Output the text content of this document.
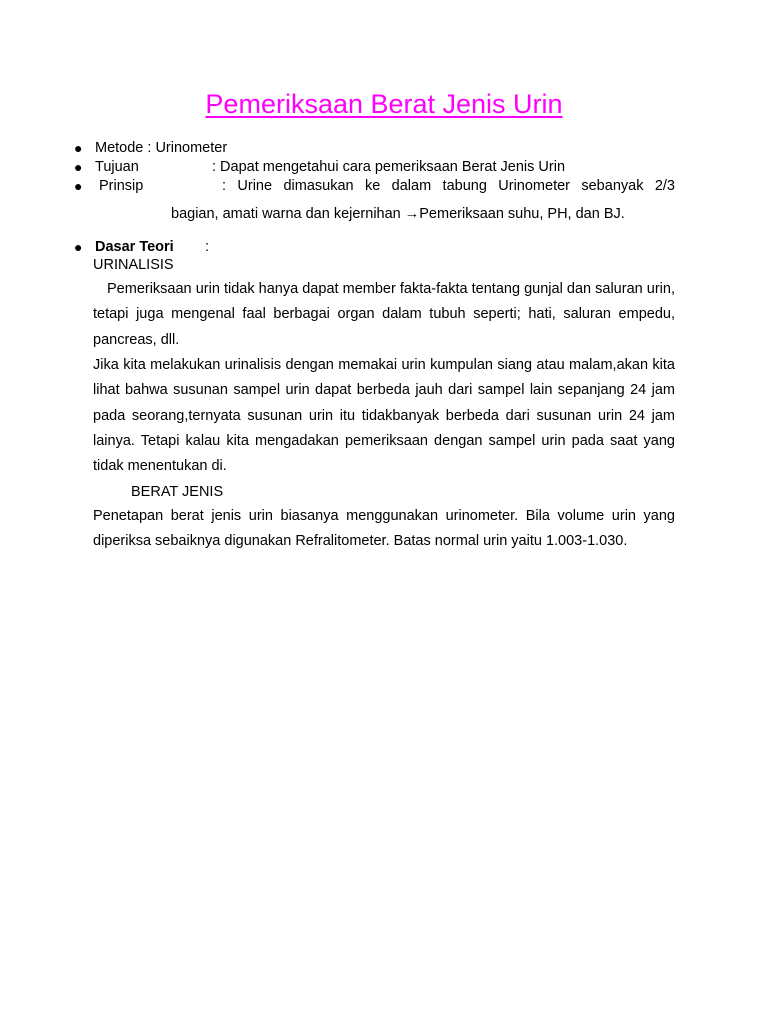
Pemeriksaan Berat Jenis Urin
● Metode : Urinometer
● Tujuan	: Dapat mengetahui cara pemeriksaan Berat Jenis Urin
● Prinsip	: Urine dimasukan ke dalam tabung Urinometer sebanyak 2/3
bagian, amati warna dan kejernihan →Pemeriksaan suhu, PH, dan BJ.
● Dasar Teori :
URINALISIS
Pemeriksaan urin tidak hanya dapat member fakta-fakta tentang gunjal dan saluran urin, tetapi juga mengenal faal berbagai organ dalam tubuh seperti; hati, saluran empedu, pancreas, dll.
Jika kita melakukan urinalisis dengan memakai urin kumpulan siang atau malam,akan kita lihat bahwa susunan sampel urin dapat berbeda jauh dari sampel lain sepanjang 24 jam pada seorang,ternyata susunan urin itu tidakbanyak berbeda dari susunan urin 24 jam lainya. Tetapi kalau kita mengadakan pemeriksaan dengan sampel urin pada saat yang tidak menentukan di.
BERAT JENIS
Penetapan berat jenis urin biasanya menggunakan urinometer. Bila volume urin yang diperiksa sebaiknya digunakan Refralitometer. Batas normal urin yaitu 1.003-1.030.
